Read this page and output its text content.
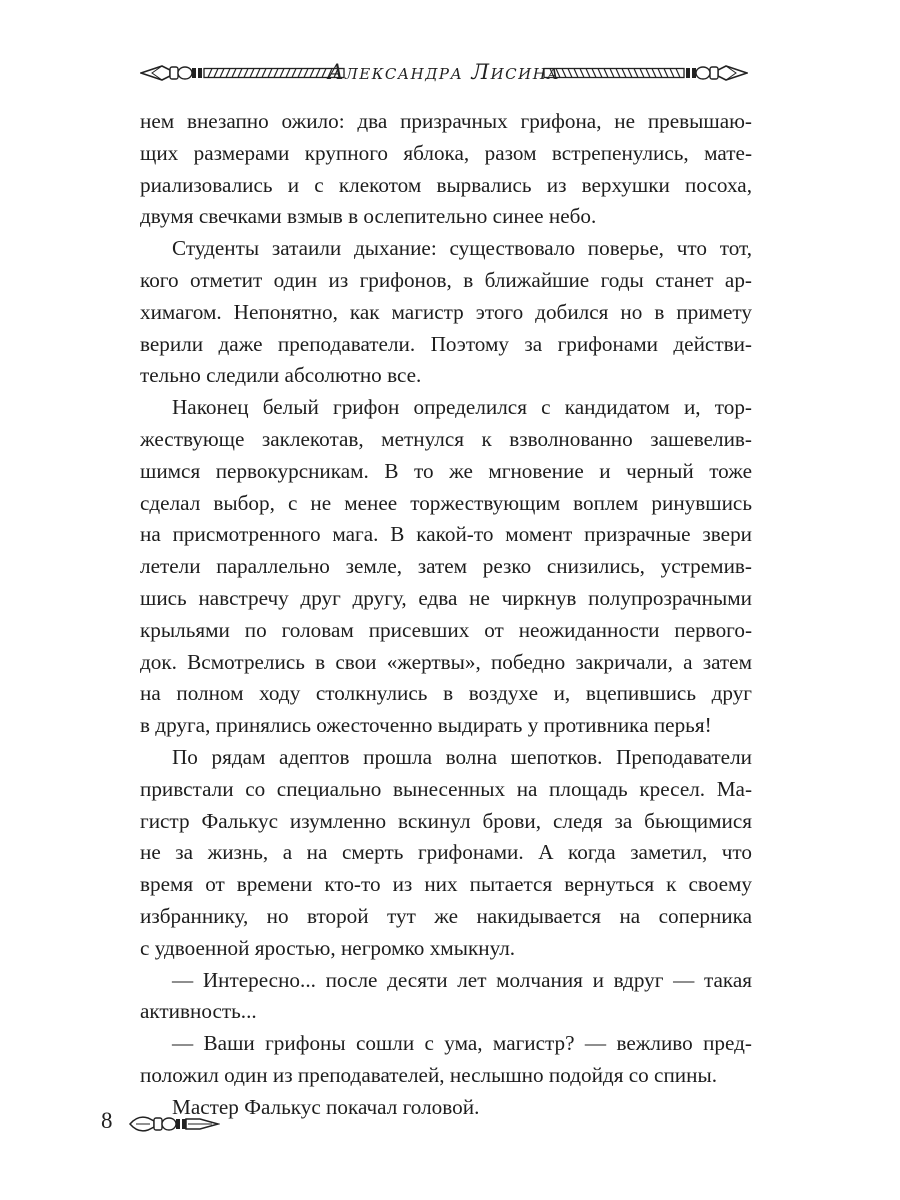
Александра Лисина

нем внезапно ожило: два призрачных грифона, не превышаю-

щих размерами крупного яблока, разом встрепенулись, мате-

риализовались и с клекотом вырвались из верхушки посоха,

двумя свечками взмыв в ослепительно синее небо.

Студенты затаили дыхание: существовало поверье, что тот,

кого отметит один из грифонов, в ближайшие годы станет ар-

химагом. Непонятно, как магистр этого добился но в примету

верили даже преподаватели. Поэтому за грифонами действи-

тельно следили абсолютно все.

Наконец белый грифон определился с кандидатом и, тор-

жествующе заклекотав, метнулся к взволнованно зашевелив-

шимся первокурсникам. В то же мгновение и черный тоже

сделал выбор, с не менее торжествующим воплем ринувшись

на присмотренного мага. В какой-то момент призрачные звери

летели параллельно земле, затем резко снизились, устремив-

шись навстречу друг другу, едва не чиркнув полупрозрачными

крыльями по головам присевших от неожиданности первого-

док. Всмотрелись в свои «жертвы», победно закричали, а затем

на полном ходу столкнулись в воздухе и, вцепившись друг

в друга, принялись ожесточенно выдирать у противника перья!

По рядам адептов прошла волна шепотков. Преподаватели

привстали со специально вынесенных на площадь кресел. Ма-

гистр Фалькус изумленно вскинул брови, следя за бьющимися

не за жизнь, а на смерть грифонами. А когда заметил, что

время от времени кто-то из них пытается вернуться к своему

избраннику, но второй тут же накидывается на соперника

с удвоенной яростью, негромко хмыкнул.

— Интересно... после десяти лет молчания и вдруг — такая

активность...

— Ваши грифоны сошли с ума, магистр? — вежливо пред-

положил один из преподавателей, неслышно подойдя со спины.

Мастер Фалькус покачал головой.

8
